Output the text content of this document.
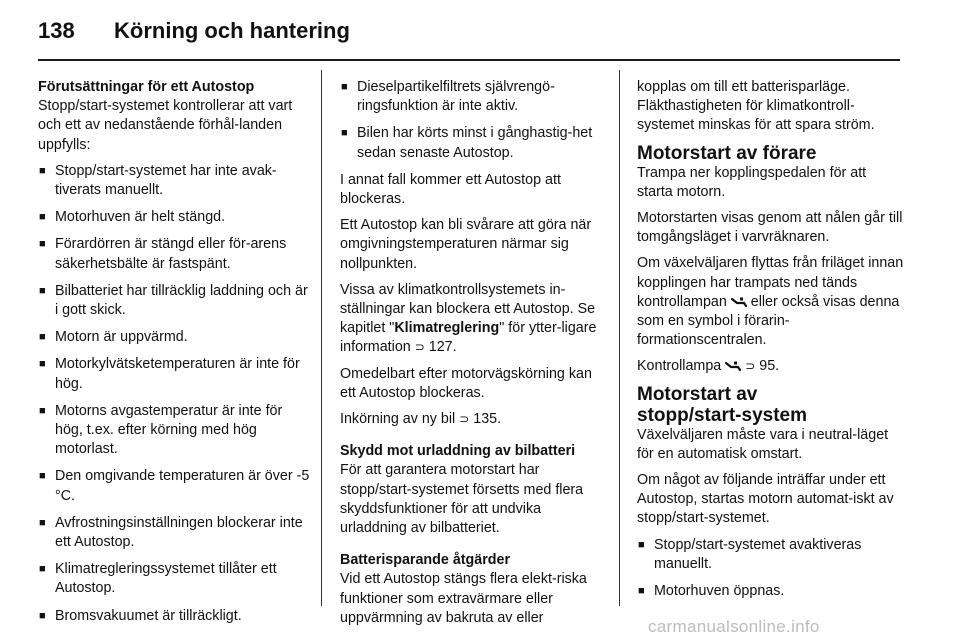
138 Körning och hantering

Förutsättningar för ett Autostop

Stopp/start-systemet kontrollerar att vart och ett av nedanstående förhål-landen uppfylls:

■ Stopp/start-systemet har inte avak-tiverats manuellt.
■ Motorhuven är helt stängd.
■ Förardörren är stängd eller för-arens säkerhetsbälte är fastspänt.
■ Bilbatteriet har tillräcklig laddning och är i gott skick.
■ Motorn är uppvärmd.
■ Motorkylvätsketemperaturen är inte för hög.
■ Motorns avgastemperatur är inte för hög, t.ex. efter körning med hög motorlast.
■ Den omgivande temperaturen är över -5 °C.
■ Avfrostningsinställningen blockerar inte ett Autostop.
■ Klimatregleringssystemet tillåter ett Autostop.
■ Bromsvakuumet är tillräckligt.
■ Dieselpartikelfiltrets självrengö-ringsfunktion är inte aktiv.
■ Bilen har körts minst i gånghastig-het sedan senaste Autostop.

I annat fall kommer ett Autostop att blockeras.

Ett Autostop kan bli svårare att göra när omgivningstemperaturen närmar sig nollpunkten.

Vissa av klimatkontrollsystemets in-ställningar kan blockera ett Autostop. Se kapitlet "Klimatreglering" för ytter-ligare information ⊃ 127.

Omedelbart efter motorvägskörning kan ett Autostop blockeras.

Inkörning av ny bil ⊃ 135.

Skydd mot urladdning av bilbatteri

För att garantera motorstart har stopp/start-systemet försetts med flera skyddsfunktioner för att undvika urladdning av bilbatteriet.

Batterisparande åtgärder

Vid ett Autostop stängs flera elekt-riska funktioner som extravärmare eller uppvärmning av bakruta av eller

kopplas om till ett batterisparläge. Fläkthastigheten för klimatkontroll-systemet minskas för att spara ström.

Motorstart av förare

Trampa ner kopplingspedalen för att starta motorn.

Motorstarten visas genom att nålen går till tomgångsläget i varvräknaren.

Om växelväljaren flyttas från friläget innan kopplingen har trampats ned tänds kontrollampan  eller också visas denna som en symbol i förarin-formationscentralen.

Kontrollampa  ⊃ 95.

Motorstart av
stopp/start-system

Växelväljaren måste vara i neutral-läget för en automatisk omstart.

Om något av följande inträffar under ett Autostop, startas motorn automat-iskt av stopp/start-systemet.

■ Stopp/start-systemet avaktiveras manuellt.
■ Motorhuven öppnas.
carmanualsonline.info
